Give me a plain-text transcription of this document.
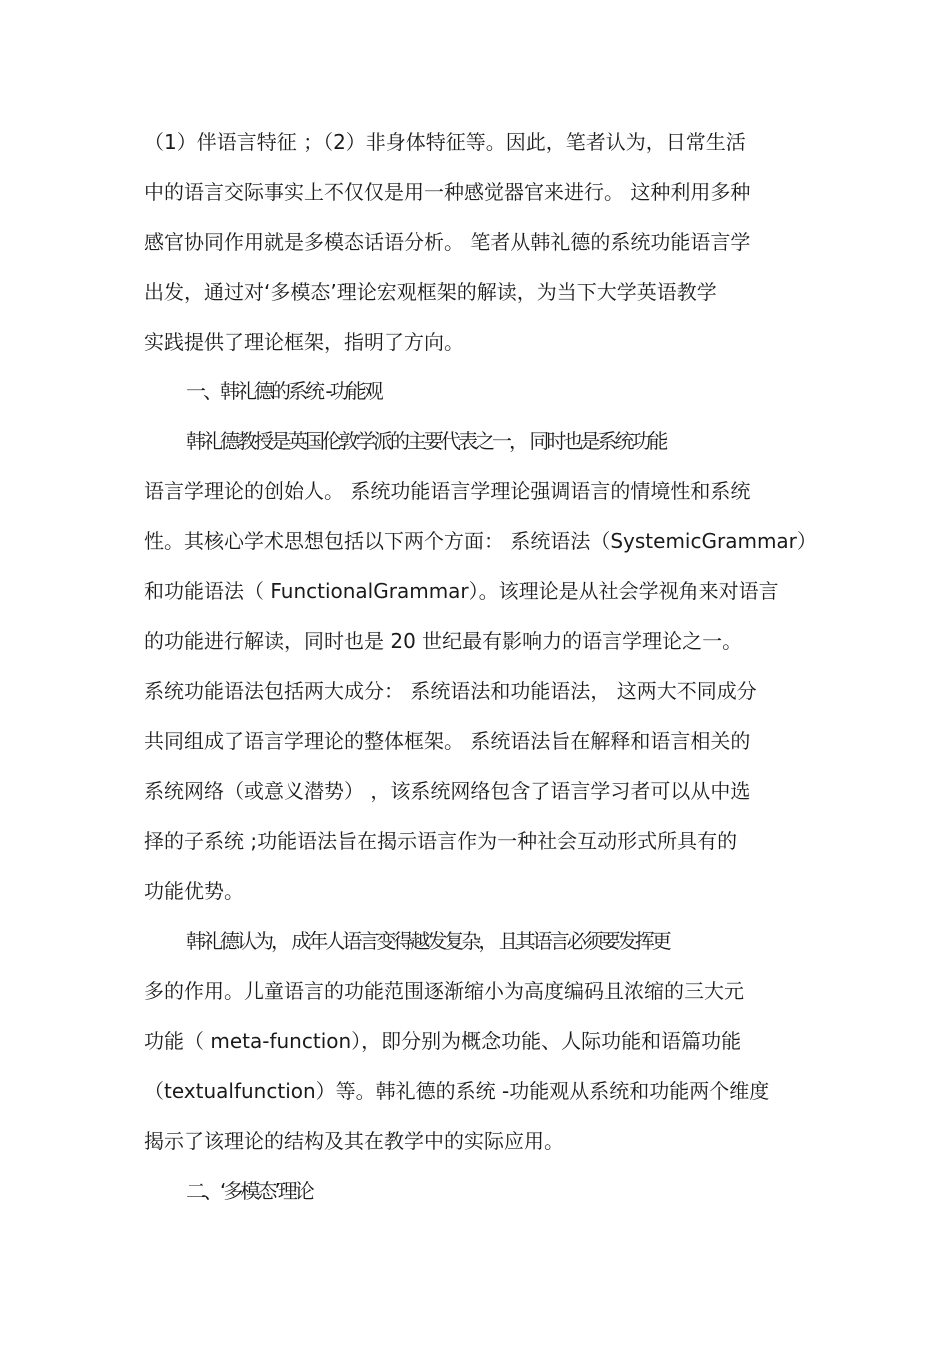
（1）伴语言特征 ；（2）非身体特征等。因此，笔者认为，日常生活
中的语言交际事实上不仅仅是用一种感觉器官来进行。 这种利用多种
感官协同作用就是多模态话语分析。 笔者从韩礼德的系统功能语言学
出发，通过对‘多模态’理论宏观框架的解读，为当下大学英语教学
实践提供了理论框架，指明了方向。
一、韩礼德的系统 -功能观
韩礼德教授是英国伦敦学派的主要代表之一， 同时也是系统功能
语言学理论的创始人。 系统功能语言学理论强调语言的情境性和系统
性。其核心学术思想包括以下两个方面： 系统语法（SystemicGrammar）
和功能语法（ FunctionalGrammar）。该理论是从社会学视角来对语言
的功能进行解读，同时也是 20 世纪最有影响力的语言学理论之一。
系统功能语法包括两大成分： 系统语法和功能语法， 这两大不同成分
共同组成了语言学理论的整体框架。 系统语法旨在解释和语言相关的
系统网络（或意义潜势） ，该系统网络包含了语言学习者可以从中选
择的子系统 ;功能语法旨在揭示语言作为一种社会互动形式所具有的
功能优势。
韩礼德认为， 成年人语言变得越发复杂， 且其语言必须要发挥更
多的作用。儿童语言的功能范围逐渐缩小为高度编码且浓缩的三大元
功能（ meta-function），即分别为概念功能、人际功能和语篇功能
（textualfunction）等。韩礼德的系统 -功能观从系统和功能两个维度
揭示了该理论的结构及其在教学中的实际应用。
二、‘多模态’理论
